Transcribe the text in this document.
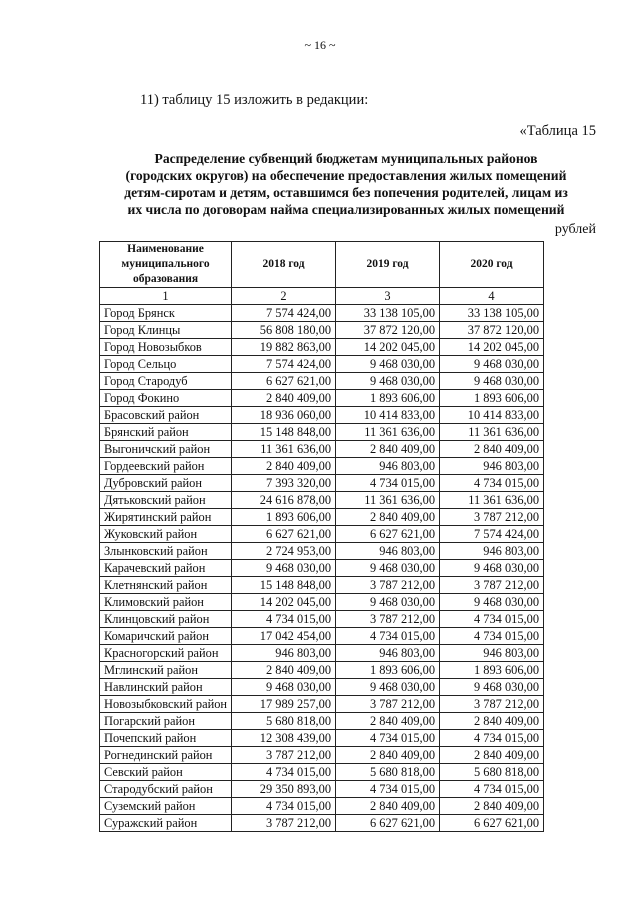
~ 16 ~
11) таблицу 15 изложить в редакции:
«Таблица 15
Распределение субвенций бюджетам муниципальных районов
(городских округов) на обеспечение предоставления жилых помещений
детям-сиротам и детям, оставшимся без попечения родителей, лицам из
их числа по договорам найма специализированных жилых помещений
рублей
Наименование муниципального образования	2018 год	2019 год	2020 год
1	2	3	4
Город Брянск	7 574 424,00	33 138 105,00	33 138 105,00
Город Клинцы	56 808 180,00	37 872 120,00	37 872 120,00
Город Новозыбков	19 882 863,00	14 202 045,00	14 202 045,00
Город Сельцо	7 574 424,00	9 468 030,00	9 468 030,00
Город Стародуб	6 627 621,00	9 468 030,00	9 468 030,00
Город Фокино	2 840 409,00	1 893 606,00	1 893 606,00
Брасовский район	18 936 060,00	10 414 833,00	10 414 833,00
Брянский район	15 148 848,00	11 361 636,00	11 361 636,00
Выгоничский район	11 361 636,00	2 840 409,00	2 840 409,00
Гордеевский район	2 840 409,00	946 803,00	946 803,00
Дубровский район	7 393 320,00	4 734 015,00	4 734 015,00
Дятьковский район	24 616 878,00	11 361 636,00	11 361 636,00
Жирятинский район	1 893 606,00	2 840 409,00	3 787 212,00
Жуковский район	6 627 621,00	6 627 621,00	7 574 424,00
Злынковский район	2 724 953,00	946 803,00	946 803,00
Карачевский район	9 468 030,00	9 468 030,00	9 468 030,00
Клетнянский район	15 148 848,00	3 787 212,00	3 787 212,00
Климовский район	14 202 045,00	9 468 030,00	9 468 030,00
Клинцовский район	4 734 015,00	3 787 212,00	4 734 015,00
Комаричский район	17 042 454,00	4 734 015,00	4 734 015,00
Красногорский район	946 803,00	946 803,00	946 803,00
Мглинский район	2 840 409,00	1 893 606,00	1 893 606,00
Навлинский район	9 468 030,00	9 468 030,00	9 468 030,00
Новозыбковский район	17 989 257,00	3 787 212,00	3 787 212,00
Погарский район	5 680 818,00	2 840 409,00	2 840 409,00
Почепский район	12 308 439,00	4 734 015,00	4 734 015,00
Рогнединский район	3 787 212,00	2 840 409,00	2 840 409,00
Севский район	4 734 015,00	5 680 818,00	5 680 818,00
Стародубский район	29 350 893,00	4 734 015,00	4 734 015,00
Суземский район	4 734 015,00	2 840 409,00	2 840 409,00
Суражский район	3 787 212,00	6 627 621,00	6 627 621,00
